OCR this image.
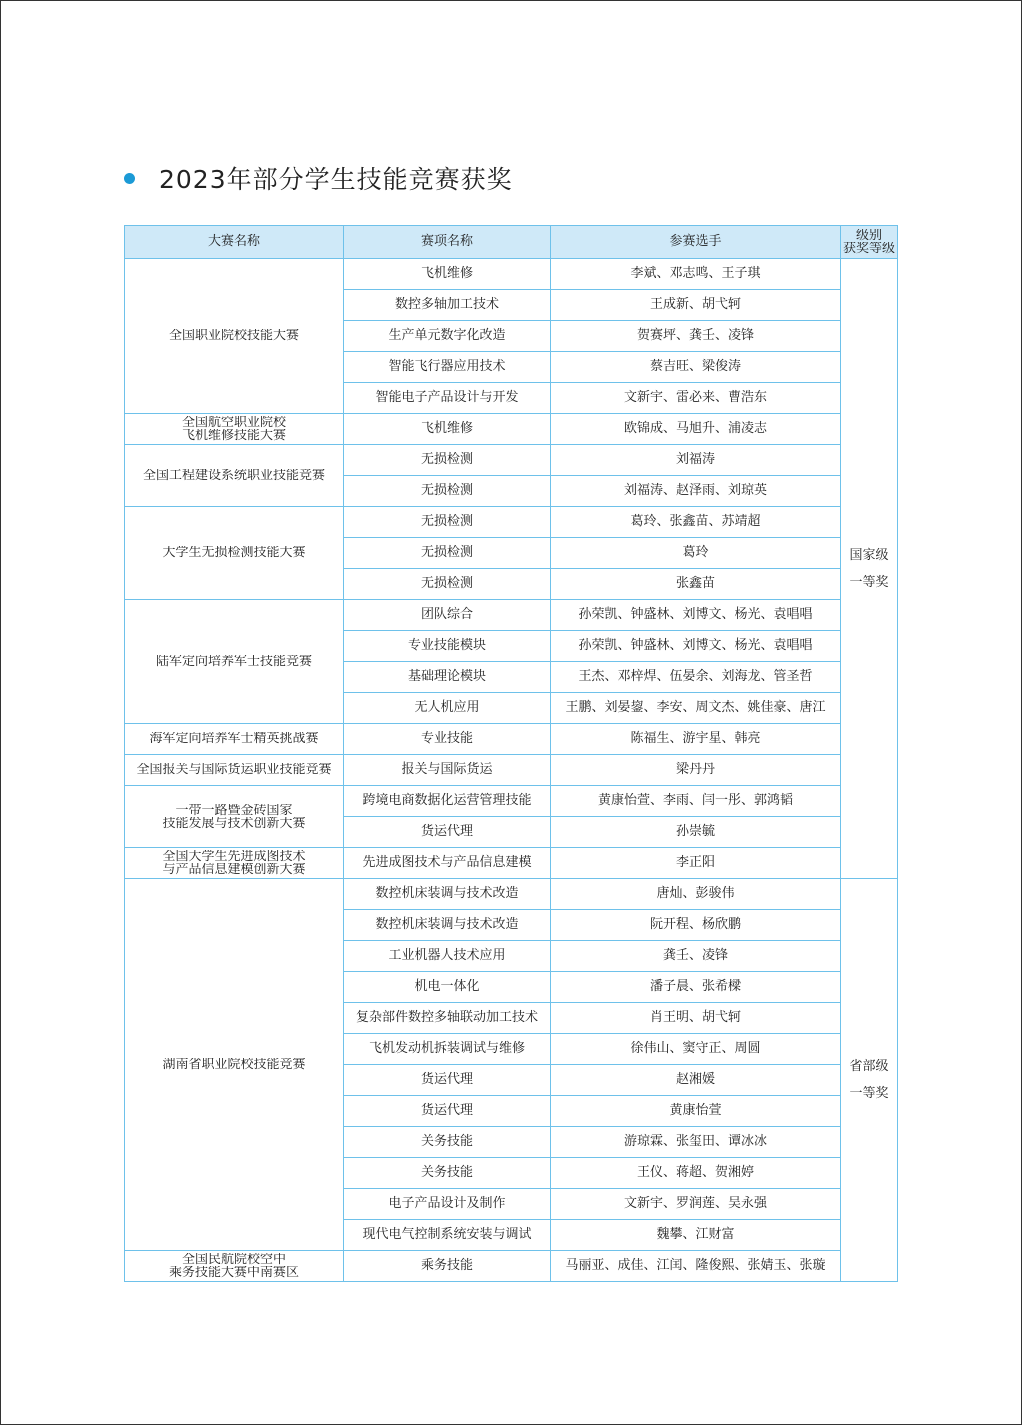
2023年部分学生技能竞赛获奖
大赛名称	赛项名称	参赛选手	级别
获奖等级

全国职业院校技能大赛	飞机维修	李斌、邓志鸣、王子琪	国家级
一等奖

	数控多轴加工技术	王成新、胡弋轲	
	生产单元数字化改造	贺赛坪、龚壬、凌锋	
	智能飞行器应用技术	蔡吉旺、梁俊涛	
	智能电子产品设计与开发	文新宇、雷必来、曹浩东	

全国航空职业院校
飞机维修技能大赛	飞机维修	欧锦成、马旭升、浦凌志	

全国工程建设系统职业技能竞赛	无损检测	刘福涛	
	无损检测	刘福涛、赵泽雨、刘琼英	

大学生无损检测技能大赛	无损检测	葛玲、张鑫苗、苏靖超	
	无损检测	葛玲	
	无损检测	张鑫苗	

陆军定向培养军士技能竞赛	团队综合	孙荣凯、钟盛林、刘博文、杨光、袁唱唱	
	专业技能模块	孙荣凯、钟盛林、刘博文、杨光、袁唱唱	
	基础理论模块	王杰、邓梓焊、伍晏余、刘海龙、管圣哲	
	无人机应用	王鹏、刘晏鋆、李安、周文杰、姚佳豪、唐江	

海军定向培养军士精英挑战赛	专业技能	陈福生、游宇星、韩亮	

全国报关与国际货运职业技能竞赛	报关与国际货运	梁丹丹	

一带一路暨金砖国家
技能发展与技术创新大赛	跨境电商数据化运营管理技能	黄康怡萱、李雨、闫一彤、郭鸿韬	
	货运代理	孙崇毓	

全国大学生先进成图技术
与产品信息建模创新大赛	先进成图技术与产品信息建模	李正阳	

湖南省职业院校技能竞赛	数控机床装调与技术改造	唐灿、彭骏伟	省部级
一等奖

	数控机床装调与技术改造	阮开程、杨欣鹏	
	工业机器人技术应用	龚壬、凌锋	
	机电一体化	潘子晨、张希樑	
	复杂部件数控多轴联动加工技术	肖王明、胡弋轲	
	飞机发动机拆装调试与维修	徐伟山、窦守正、周圆	
	货运代理	赵湘媛	
	货运代理	黄康怡萱	
	关务技能	游琼霖、张玺田、谭冰冰	
	关务技能	王仪、蒋超、贺湘婷	
	电子产品设计及制作	文新宇、罗润莲、吴永强	
	现代电气控制系统安装与调试	魏攀、江财富	

全国民航院校空中
乘务技能大赛中南赛区	乘务技能	马丽亚、成佳、江闰、隆俊熙、张婧玉、张璇	
